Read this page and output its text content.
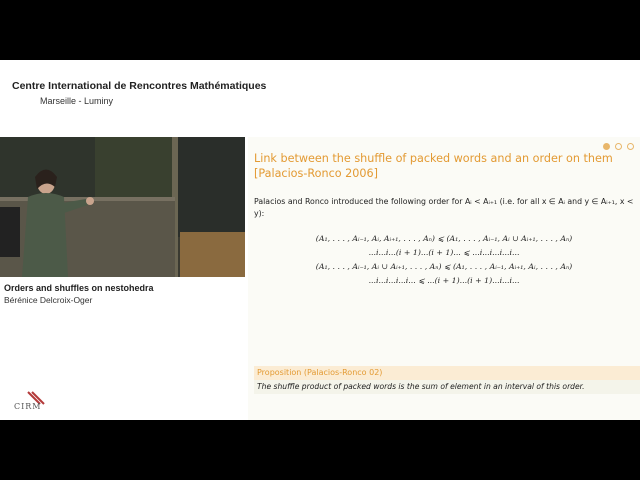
Centre International de Rencontres Mathématiques
Marseille - Luminy
Orders and shuffles on nestohedra
Bérénice Delcroix-Oger
CIRM
Link between the shuffle of packed words and an order on them [Palacios-Ronco 2006]
Palacios and Ronco introduced the following order for Aᵢ < Aᵢ₊₁ (i.e. for all x ∈ Aᵢ and y ∈ Aᵢ₊₁, x < y):
(A₁, . . . , Aᵢ₋₁, Aᵢ, Aᵢ₊₁, . . . , Aₙ) ⩽ (A₁, . . . , Aᵢ₋₁, Aᵢ ∪ Aᵢ₊₁, . . . , Aₙ)
...i...i...(i + 1)...(i + 1)... ⩽ ...i...i...i...i...
(A₁, . . . , Aᵢ₋₁, Aᵢ ∪ Aᵢ₊₁, . . . , Aₙ) ⩽ (A₁, . . . , Aᵢ₋₁, Aᵢ₊₁, Aᵢ, . . . , Aₙ)
...i...i...i...i... ⩽ ...(i + 1)...(i + 1)...i...i...
Proposition (Palacios-Ronco 02)
The shuffle product of packed words is the sum of element in an interval of this order.
